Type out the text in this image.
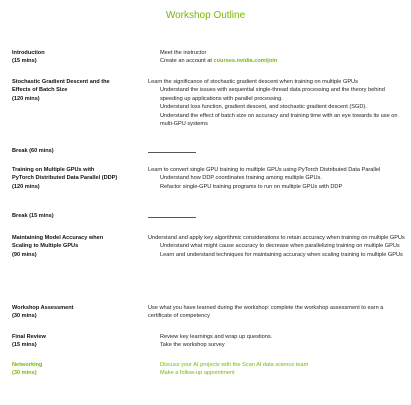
Workshop Outline
Introduction
(15 mins)
Meet the instructor
Create an account at courses.nvidia.com/join
Stochastic Gradient Descent and the
Effects of Batch Size
(120 mins)
Learn the significance of stochastic gradient descent when training on multiple GPUs
Understand the issues with sequential single-thread data processing and the theory behind speeding up applications with parallel processing.
Understand loss function, gradient descent, and stochastic gradient descent (SGD).
Understand the effect of batch size on accuracy and training time with an eye towards its use on multi-GPU systems
Break (60 mins)
Training on Multiple GPUs with
PyTorch Distributed Data Parallel (DDP)
(120 mins)
Learn to convert single GPU training to multiple GPUs using PyTorch Distributed Data Parallel
Understand how DDP coordinates training among multiple GPUs.
Refactor single-GPU training programs to run on multiple GPUs with DDP
Break (15 mins)
Maintaining Model Accuracy when
Scaling to Multiple GPUs
(90 mins)
Understand and apply key algorithmic considerations to retain accuracy when training on multiple GPUs
Understand what might cause accuracy to decrease when parallelizing training on multiple GPUs
Learn and understand techniques for maintaining accuracy when scaling training to multiple GPUs
Workshop Assessment
(30 mins)
Use what you have learned during the workshop: complete the workshop assessment to earn a certificate of competency
Final Review
(15 mins)
Review key learnings and wrap up questions.
Take the workshop survey
Networking
(30 mins)
Discuss your AI projects with the Scan AI data science team
Make a follow-up appointment
